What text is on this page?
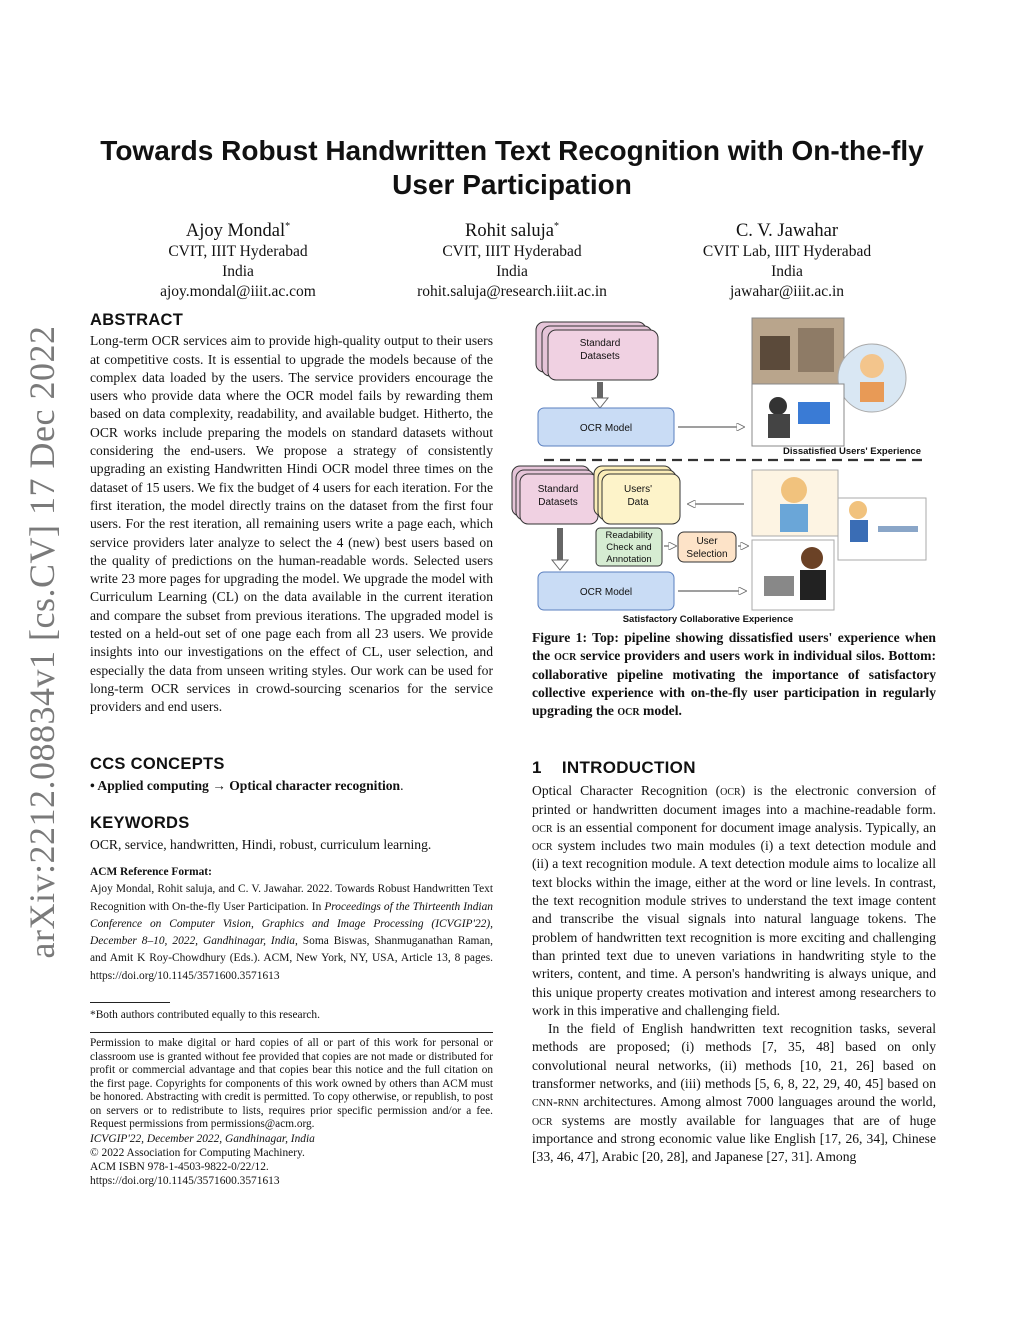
arXiv:2212.08834v1 [cs.CV] 17 Dec 2022
Towards Robust Handwritten Text Recognition with On-the-fly
User Participation
Ajoy Mondal*
CVIT, IIIT Hyderabad
India
ajoy.mondal@iiit.ac.com
Rohit saluja*
CVIT, IIIT Hyderabad
India
rohit.saluja@research.iiit.ac.in
C. V. Jawahar
CVIT Lab, IIIT Hyderabad
India
jawahar@iiit.ac.in
ABSTRACT

Long-term OCR services aim to provide high-quality output to their users at competitive costs. It is essential to upgrade the models because of the complex data loaded by the users. The service providers encourage the users who provide data where the OCR model fails by rewarding them based on data complexity, readability, and available budget. Hitherto, the OCR works include preparing the models on standard datasets without considering the end-users. We propose a strategy of consistently upgrading an existing Handwritten Hindi OCR model three times on the dataset of 15 users. We fix the budget of 4 users for each iteration. For the first iteration, the model directly trains on the dataset from the first four users. For the rest iteration, all remaining users write a page each, which service providers later analyze to select the 4 (new) best users based on the quality of predictions on the human-readable words. Selected users write 23 more pages for upgrading the model. We upgrade the model with Curriculum Learning (CL) on the data available in the current iteration and compare the subset from previous iterations. The upgraded model is tested on a held-out set of one page each from all 23 users. We provide insights into our investigations on the effect of CL, user selection, and especially the data from unseen writing styles. Our work can be used for long-term OCR services in crowd-sourcing scenarios for the service providers and end users.

CCS CONCEPTS

• Applied computing → Optical character recognition.

KEYWORDS

OCR, service, handwritten, Hindi, robust, curriculum learning.

ACM Reference Format:

Ajoy Mondal, Rohit saluja, and C. V. Jawahar. 2022. Towards Robust Handwritten Text Recognition with On-the-fly User Participation. In Proceedings of the Thirteenth Indian Conference on Computer Vision, Graphics and Image Processing (ICVGIP'22), December 8–10, 2022, Gandhinagar, India, Soma Biswas, Shanmuganathan Raman, and Amit K Roy-Chowdhury (Eds.). ACM, New York, NY, USA, Article 13, 8 pages. https://doi.org/10.1145/3571600.3571613

*Both authors contributed equally to this research.

Permission to make digital or hard copies of all or part of this work for personal or classroom use is granted without fee provided that copies are not made or distributed for profit or commercial advantage and that copies bear this notice and the full citation on the first page. Copyrights for components of this work owned by others than ACM must be honored. Abstracting with credit is permitted. To copy otherwise, or republish, to post on servers or to redistribute to lists, requires prior specific permission and/or a fee. Request permissions from permissions@acm.org.

ICVGIP'22, December 2022, Gandhinagar, India

© 2022 Association for Computing Machinery.

ACM ISBN 978-1-4503-9822-0/22/12.

https://doi.org/10.1145/3571600.3571613

Standard
Datasets
OCR Model
Dissatisfied Users' Experience
Standard
Datasets
Users'
Data
Readability
Check and
Annotation
User
Selection
OCR Model
Satisfactory Collaborative Experience

Figure 1: Top: pipeline showing dissatisfied users' experience when the ocr service providers and users work in individual silos. Bottom: collaborative pipeline motivating the importance of satisfactory collective experience with on-the-fly user participation in regularly upgrading the ocr model.

1    INTRODUCTION

Optical Character Recognition (ocr) is the electronic conversion of printed or handwritten document images into a machine-readable form. ocr is an essential component for document image analysis. Typically, an ocr system includes two main modules (i) a text detection module and (ii) a text recognition module. A text detection module aims to localize all text blocks within the image, either at the word or line levels. In contrast, the text recognition module strives to understand the text image content and transcribe the visual signals into natural language tokens. The problem of handwritten text recognition is more exciting and challenging than printed text due to uneven variations in handwriting style to the writers, content, and time. A person's handwriting is always unique, and this unique property creates motivation and interest among researchers to work in this imperative and challenging field.

In the field of English handwritten text recognition tasks, several methods are proposed; (i) methods [7, 35, 48] based on only convolutional neural networks, (ii) methods [10, 21, 26] based on transformer networks, and (iii) methods [5, 6, 8, 22, 29, 40, 45] based on cnn-rnn architectures. Among almost 7000 languages around the world, ocr systems are mostly available for languages that are of huge importance and strong economic value like English [17, 26, 34], Chinese [33, 46, 47], Arabic [20, 28], and Japanese [27, 31]. Among
